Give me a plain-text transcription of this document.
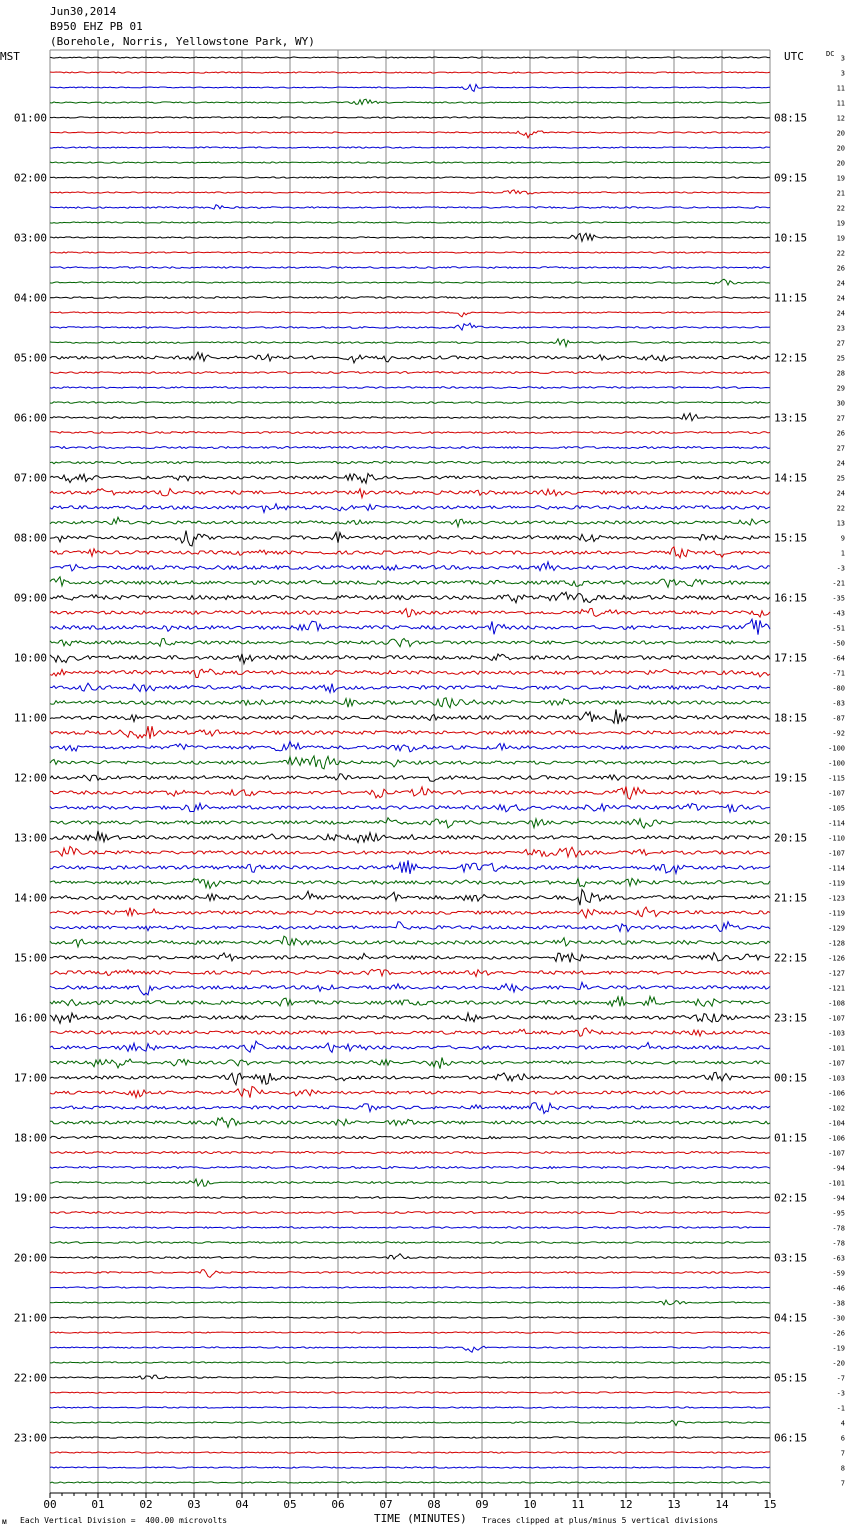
Jun30,2014
B950 EHZ PB 01
(Borehole, Norris, Yellowstone Park, WY)
MST	UTC
00	01	02	03	04	05	06	07	08	09	10	11	12	13	14	15
01:00
02:00
03:00
04:00
05:00
06:00
07:00
08:00
09:00
10:00
11:00
12:00
13:00
14:00
15:00
16:00
17:00
18:00
19:00
20:00
21:00
22:00
23:00
08:15
09:15
10:15
11:15
12:15
13:15
14:15
15:15
16:15
17:15
18:15
19:15
20:15
21:15
22:15
23:15
00:15
01:15
02:15
03:15
04:15
05:15
06:15
DC
3
3
11
11
12
20
20
20
19
21
22
19
19
22
26
24
24
24
23
27
25
28
29
30
27
26
27
24
25
24
22
13
9
1
-3
-21
-35
-43
-51
-50
-64
-71
-80
-83
-87
-92
-100
-100
-115
-107
-105
-114
-110
-107
-114
-119
-123
-119
-129
-128
-126
-127
-121
-108
-107
-103
-101
-107
-103
-106
-102
-104
-106
-107
-94
-101
-94
-95
-78
-78
-63
-59
-46
-38
-30
-26
-19
-20
-7
-3
-1
4
6
7
8
7
ᴍ Each Vertical Division =  400.00 microvolts	TIME (MINUTES) Traces clipped at plus/minus 5 vertical divisions
